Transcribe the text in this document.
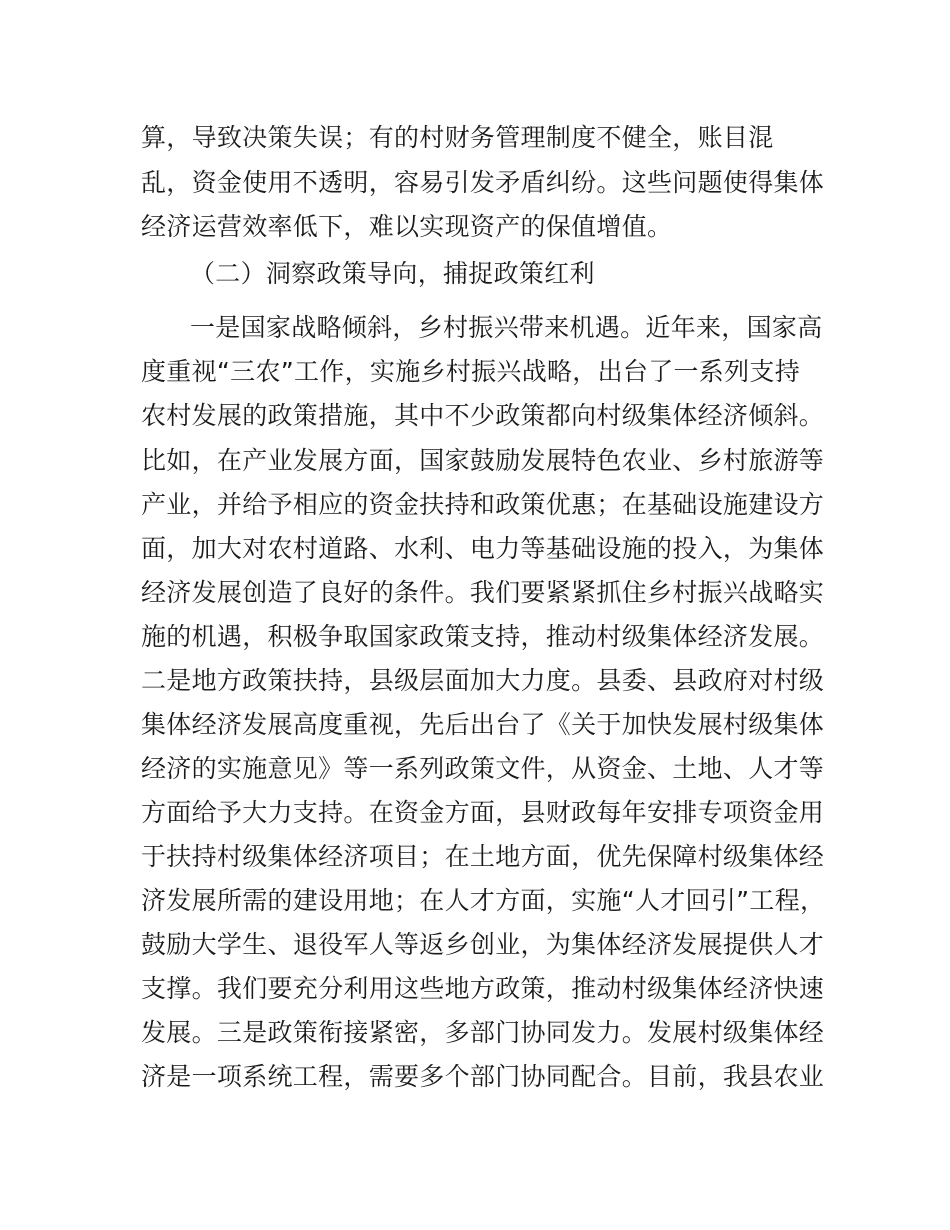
算，导致决策失误；有的村财务管理制度不健全，账目混
乱，资金使用不透明，容易引发矛盾纠纷。这些问题使得集体
经济运营效率低下，难以实现资产的保值增值。
（二）洞察政策导向，捕捉政策红利
一是国家战略倾斜，乡村振兴带来机遇。近年来，国家高
度重视“三农”工作，实施乡村振兴战略，出台了一系列支持
农村发展的政策措施，其中不少政策都向村级集体经济倾斜。
比如，在产业发展方面，国家鼓励发展特色农业、乡村旅游等
产业，并给予相应的资金扶持和政策优惠；在基础设施建设方
面，加大对农村道路、水利、电力等基础设施的投入，为集体
经济发展创造了良好的条件。我们要紧紧抓住乡村振兴战略实
施的机遇，积极争取国家政策支持，推动村级集体经济发展。
二是地方政策扶持，县级层面加大力度。县委、县政府对村级
集体经济发展高度重视，先后出台了《关于加快发展村级集体
经济的实施意见》等一系列政策文件，从资金、土地、人才等
方面给予大力支持。在资金方面，县财政每年安排专项资金用
于扶持村级集体经济项目；在土地方面，优先保障村级集体经
济发展所需的建设用地；在人才方面，实施“人才回引”工程，
鼓励大学生、退役军人等返乡创业，为集体经济发展提供人才
支撑。我们要充分利用这些地方政策，推动村级集体经济快速
发展。三是政策衔接紧密，多部门协同发力。发展村级集体经
济是一项系统工程，需要多个部门协同配合。目前，我县农业
